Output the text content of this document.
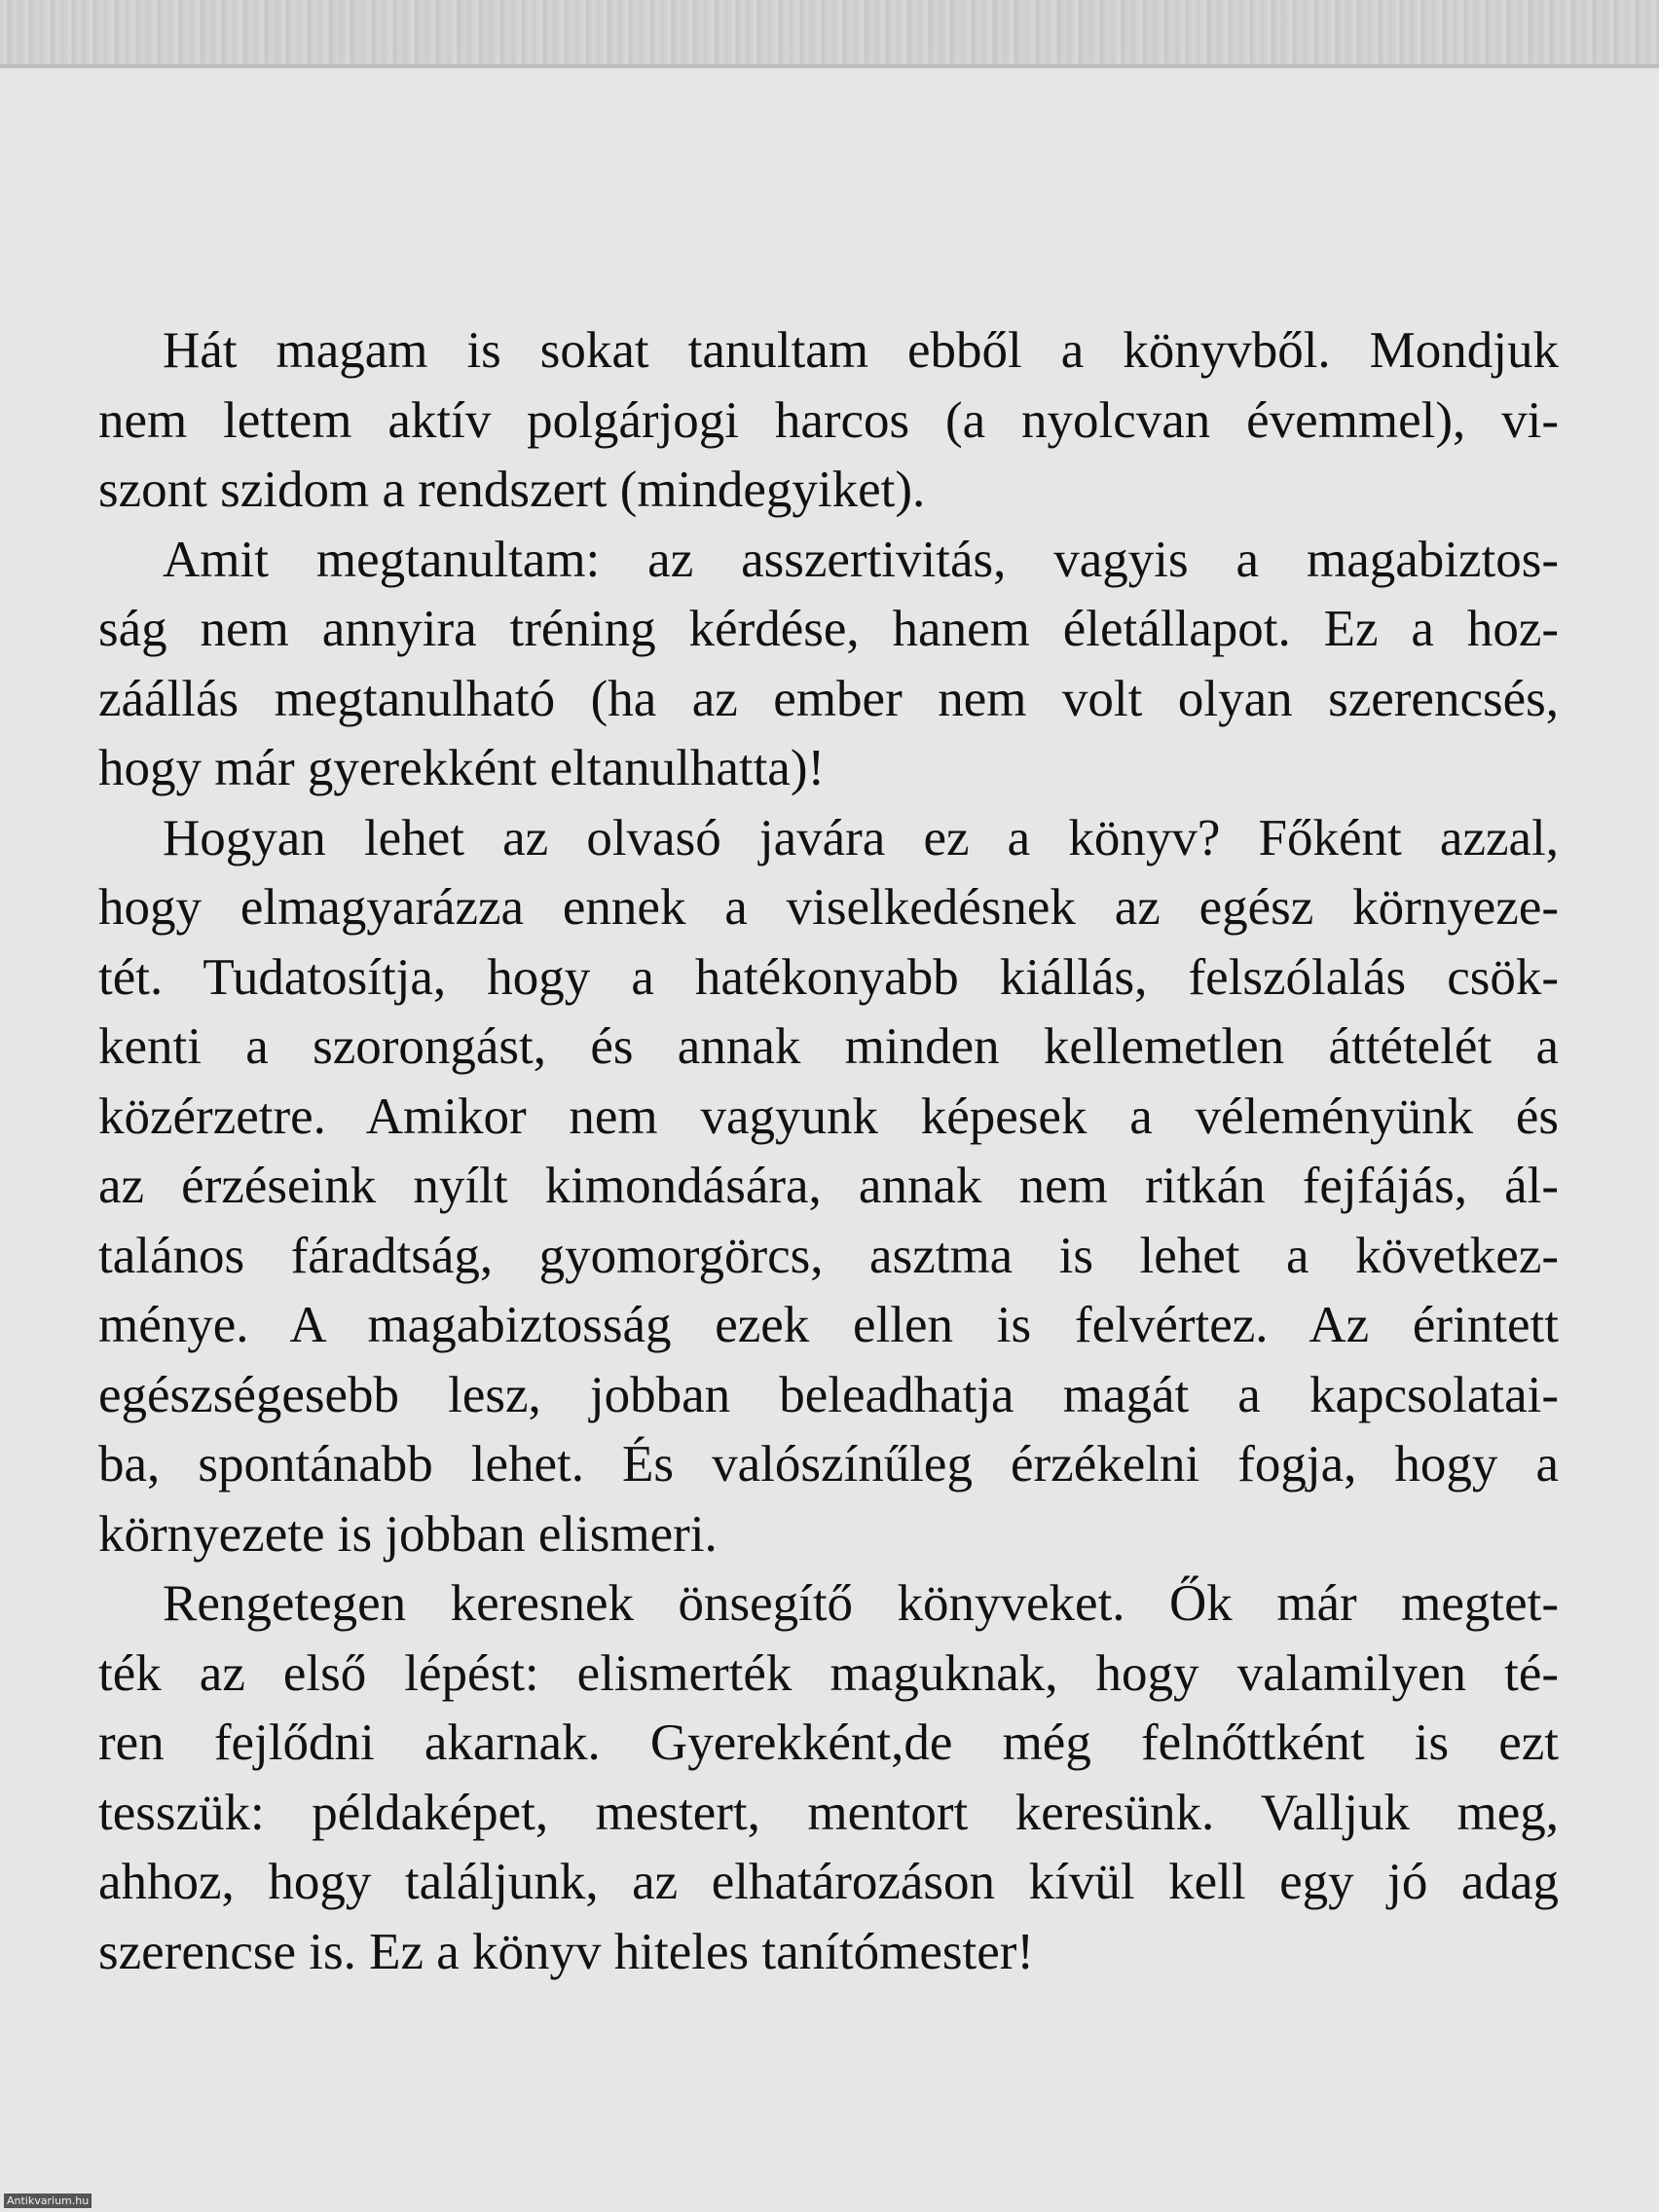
Hát magam is sokat tanultam ebből a könyvből. Mondjuk
nem lettem aktív polgárjogi harcos (a nyolcvan évemmel), vi-
szont szidom a rendszert (mindegyiket).
Amit megtanultam: az asszertivitás, vagyis a magabiztos-
ság nem annyira tréning kérdése, hanem életállapot. Ez a hoz-
záállás megtanulható (ha az ember nem volt olyan szerencsés,
hogy már gyerekként eltanulhatta)!
Hogyan lehet az olvasó javára ez a könyv? Főként azzal,
hogy elmagyarázza ennek a viselkedésnek az egész környeze-
tét. Tudatosítja, hogy a hatékonyabb kiállás, felszólalás csök-
kenti a szorongást, és annak minden kellemetlen áttételét a
közérzetre. Amikor nem vagyunk képesek a véleményünk és
az érzéseink nyílt kimondására, annak nem ritkán fejfájás, ál-
talános fáradtság, gyomorgörcs, asztma is lehet a következ-
ménye. A magabiztosság ezek ellen is felvértez. Az érintett
egészségesebb lesz, jobban beleadhatja magát a kapcsolatai-
ba, spontánabb lehet. És valószínűleg érzékelni fogja, hogy a
környezete is jobban elismeri.
Rengetegen keresnek önsegítő könyveket. Ők már megtet-
ték az első lépést: elismerték maguknak, hogy valamilyen té-
ren fejlődni akarnak. Gyerekként,de még felnőttként is ezt
tesszük: példaképet, mestert, mentort keresünk. Valljuk meg,
ahhoz, hogy találjunk, az elhatározáson kívül kell egy jó adag
szerencse is. Ez a könyv hiteles tanítómester!
Antikvarium.hu
